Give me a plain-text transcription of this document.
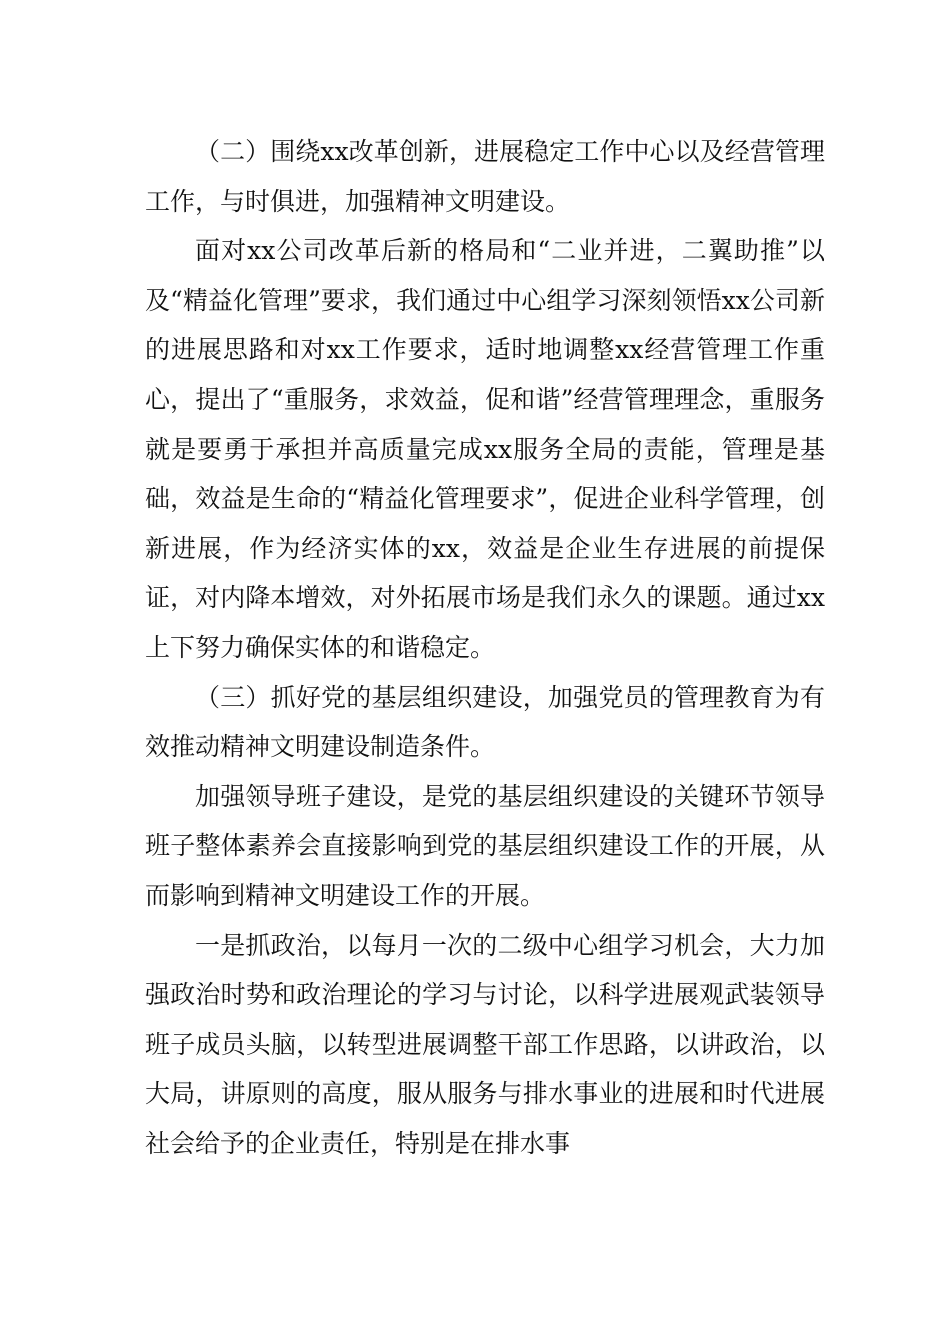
（二）围绕xx改革创新，进展稳定工作中心以及经营管理工作，与时俱进，加强精神文明建设。

面对xx公司改革后新的格局和“二业并进，二翼助推”以及“精益化管理”要求，我们通过中心组学习深刻领悟xx公司新的进展思路和对xx工作要求，适时地调整xx经营管理工作重心，提出了“重服务，求效益，促和谐”经营管理理念，重服务就是要勇于承担并高质量完成xx服务全局的责能，管理是基础，效益是生命的“精益化管理要求”，促进企业科学管理，创新进展，作为经济实体的xx，效益是企业生存进展的前提保证，对内降本增效，对外拓展市场是我们永久的课题。通过xx上下努力确保实体的和谐稳定。

（三）抓好党的基层组织建设，加强党员的管理教育为有效推动精神文明建设制造条件。

加强领导班子建设，是党的基层组织建设的关键环节领导班子整体素养会直接影响到党的基层组织建设工作的开展，从而影响到精神文明建设工作的开展。

一是抓政治，以每月一次的二级中心组学习机会，大力加强政治时势和政治理论的学习与讨论，以科学进展观武装领导班子成员头脑，以转型进展调整干部工作思路，以讲政治，以大局，讲原则的高度，服从服务与排水事业的进展和时代进展社会给予的企业责任，特别是在排水事
